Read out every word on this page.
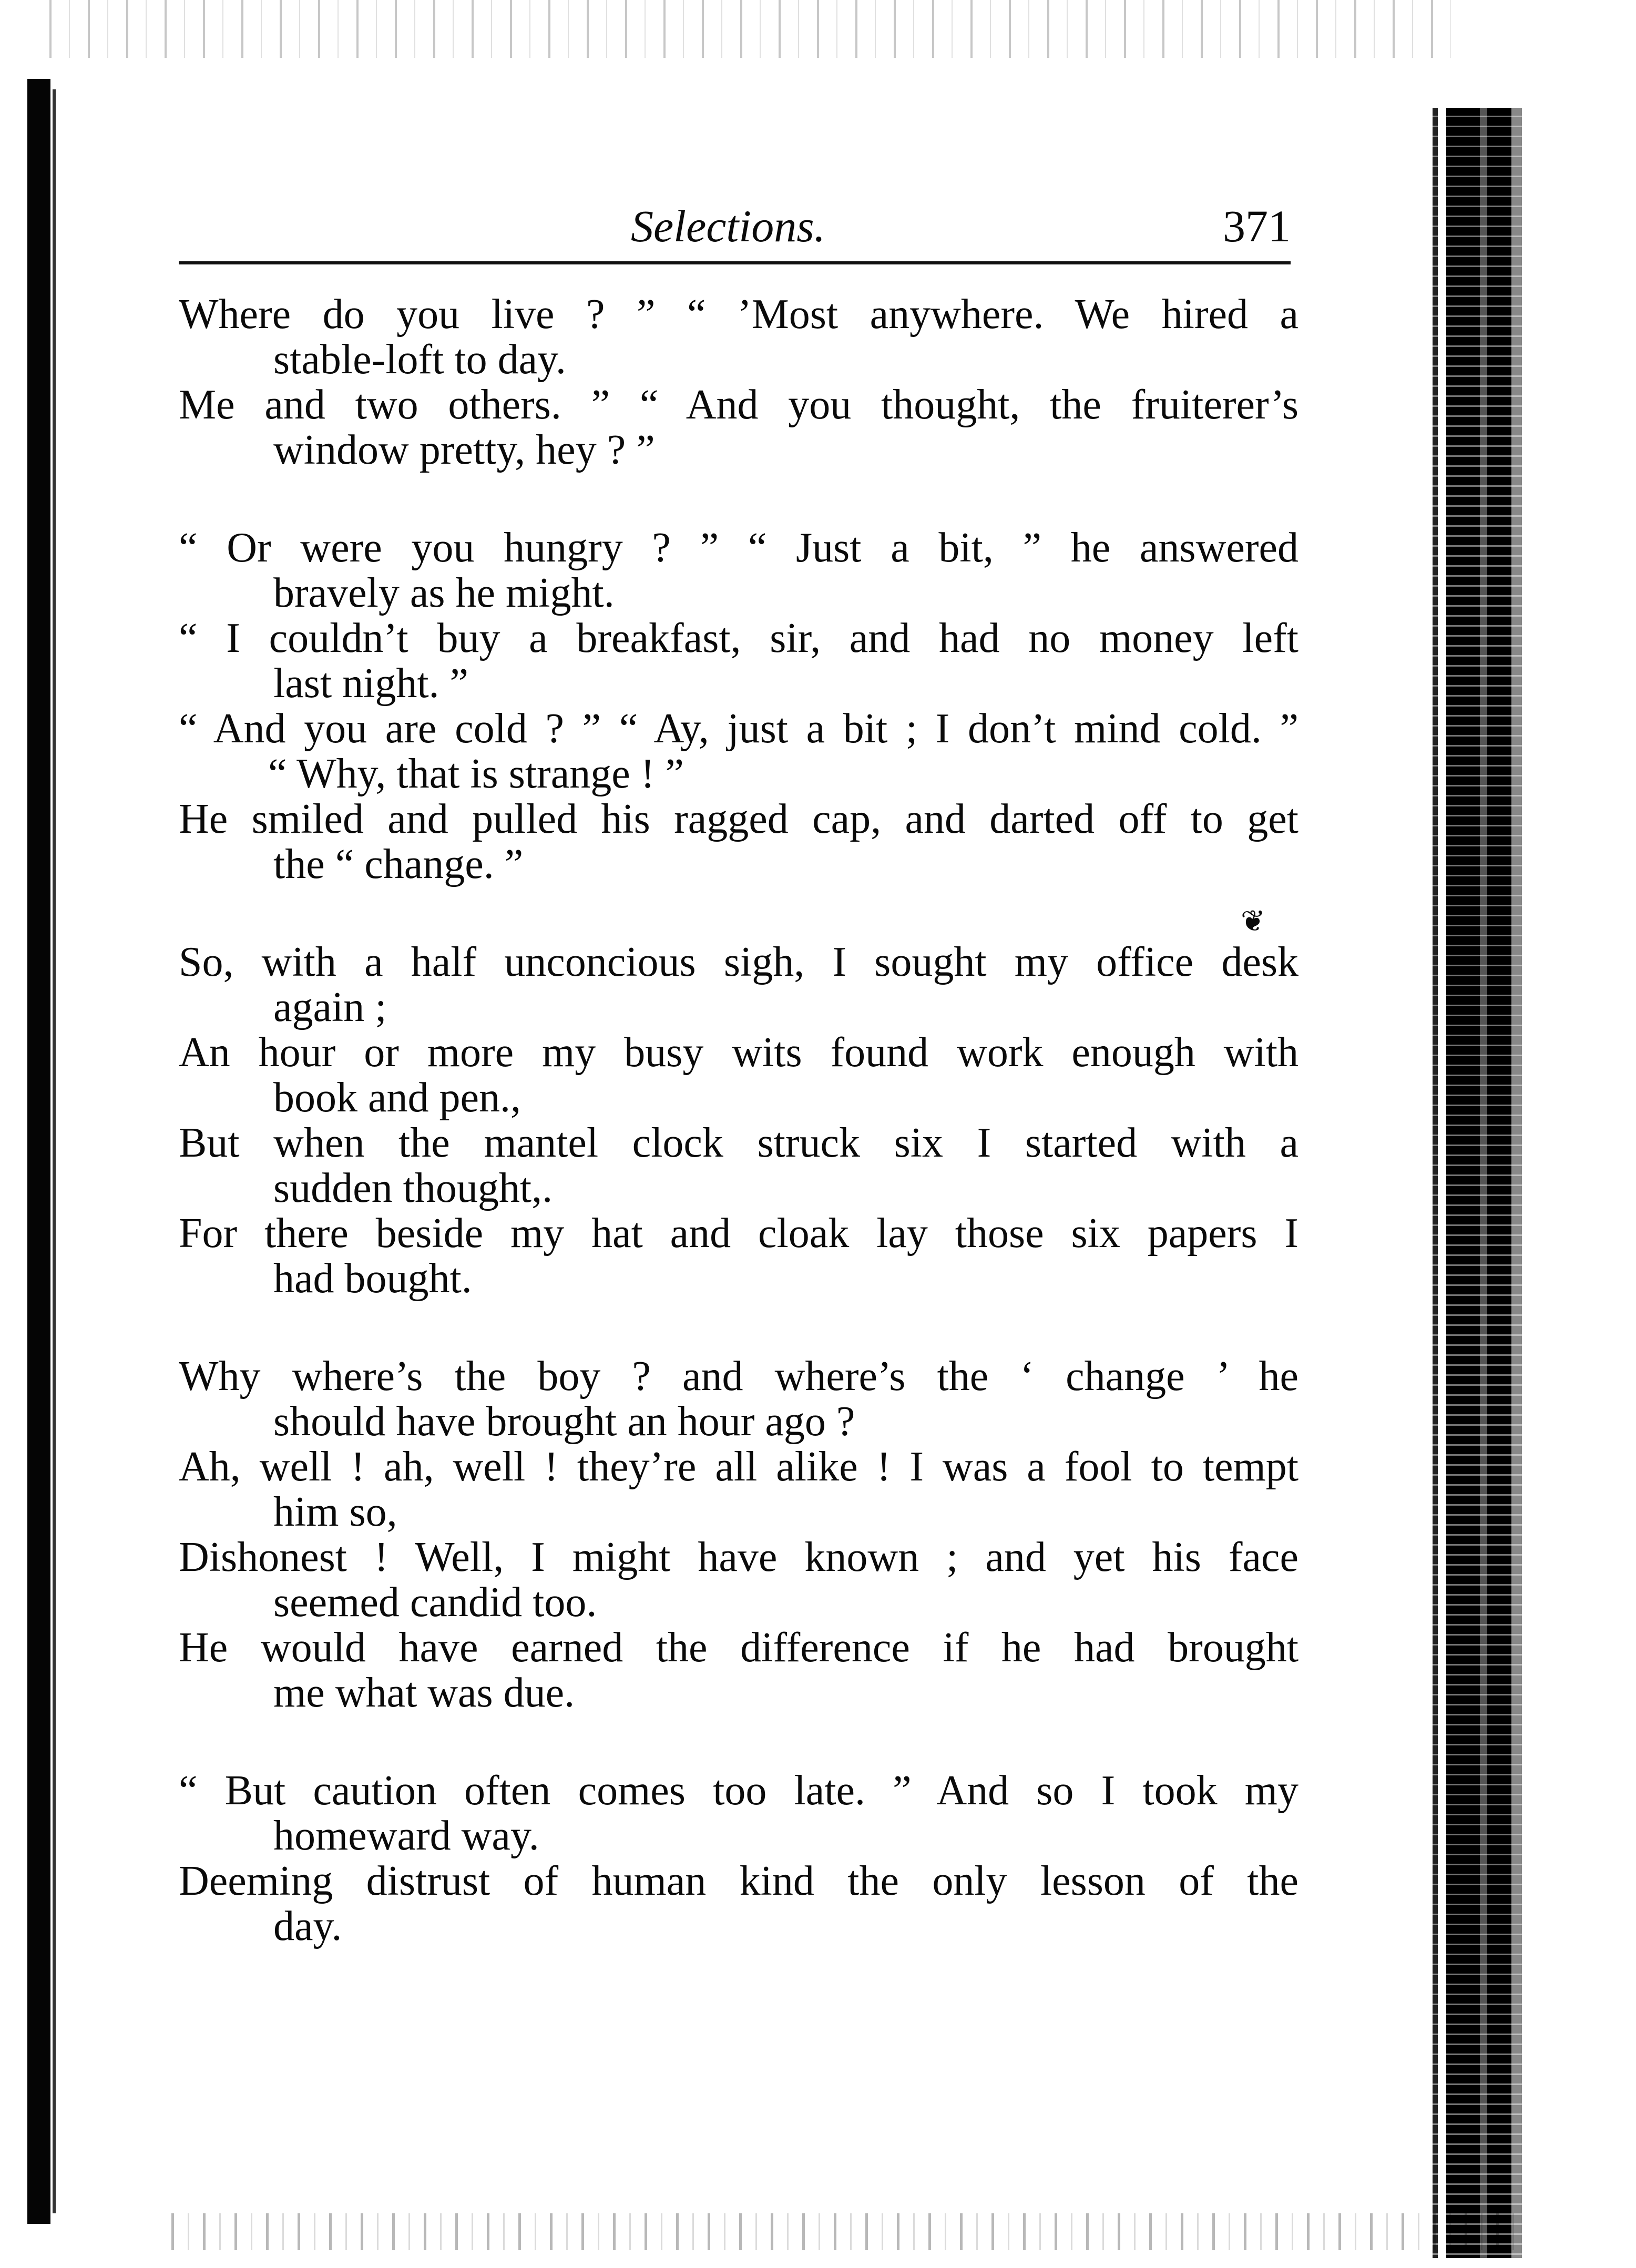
Selections.	371
Where do you live ? ” “ ’Most anywhere. We hired a
stable-loft to day.
Me and two others. ” “ And you thought, the fruiterer’s
window pretty, hey ? ”
“ Or were you hungry ? ” “ Just a bit, ” he answered
bravely as he might.
“ I couldn’t buy a breakfast, sir, and had no money left
last night. ”
“ And you are cold ? ” “ Ay, just a bit ; I don’t mind cold. ”
“ Why, that is strange ! ”
He smiled and pulled his ragged cap, and darted off to get
the “ change. ”
So, with a half unconcious sigh, I sought my office desk
again ;
An hour or more my busy wits found work enough with
book and pen.,
But when the mantel clock struck six I started with a
sudden thought,.
For there beside my hat and cloak lay those six papers I
had bought.
Why where’s the boy ? and where’s the ‘ change ’ he
should have brought an hour ago ?
Ah, well ! ah, well ! they’re all alike ! I was a fool to tempt
him so,
Dishonest ! Well, I might have known ; and yet his face
seemed candid too.
He would have earned the difference if he had brought
me what was due.
“ But caution often comes too late. ” And so I took my
homeward way.
Deeming distrust of human kind the only lesson of the
day.
❦
